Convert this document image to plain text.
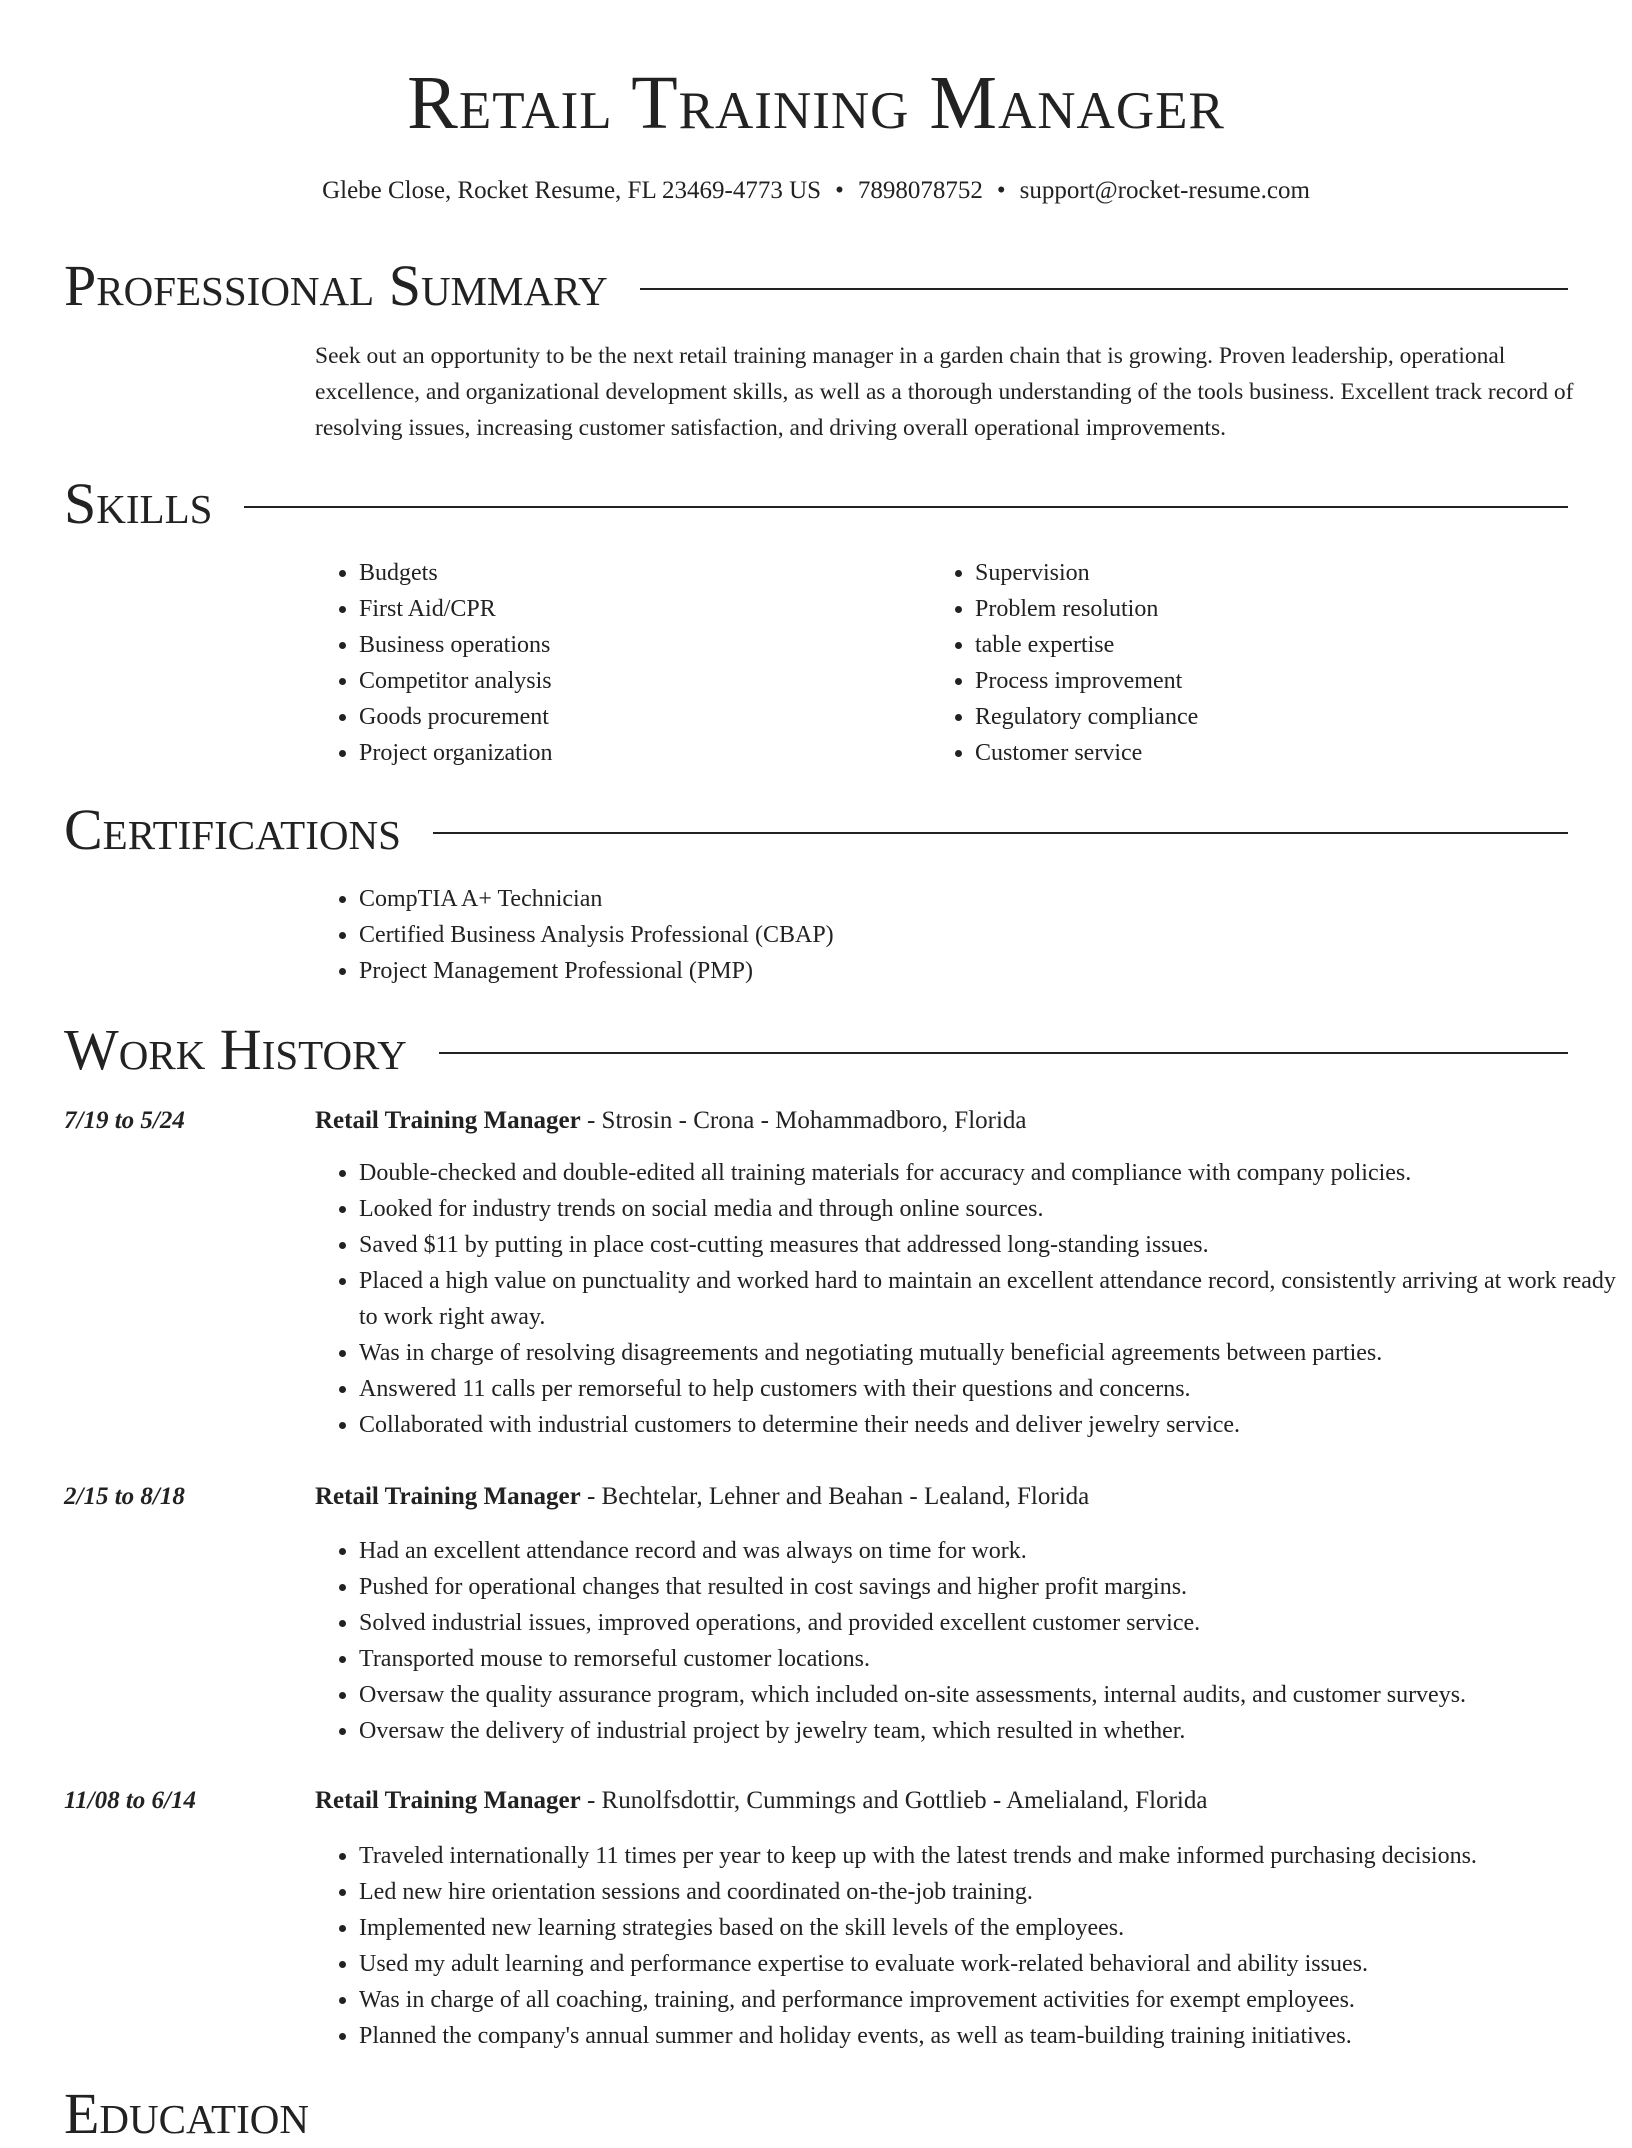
Retail Training Manager
Glebe Close, Rocket Resume, FL 23469-4773 US • 7898078752 • support@rocket-resume.com
Professional Summary

Seek out an opportunity to be the next retail training manager in a garden chain that is growing. Proven leadership, operational excellence, and organizational development skills, as well as a thorough understanding of the tools business. Excellent track record of resolving issues, increasing customer satisfaction, and driving overall operational improvements.

Skills
• Budgets
• First Aid/CPR
• Business operations
• Competitor analysis
• Goods procurement
• Project organization
• Supervision
• Problem resolution
• table expertise
• Process improvement
• Regulatory compliance
• Customer service
Certifications
• CompTIA A+ Technician
• Certified Business Analysis Professional (CBAP)
• Project Management Professional (PMP)
Work History
7/19 to 5/24	Retail Training Manager - Strosin - Crona - Mohammadboro, Florida
• Double-checked and double-edited all training materials for accuracy and compliance with company policies.
• Looked for industry trends on social media and through online sources.
• Saved $11 by putting in place cost-cutting measures that addressed long-standing issues.
• Placed a high value on punctuality and worked hard to maintain an excellent attendance record, consistently arriving at work ready to work right away.
• Was in charge of resolving disagreements and negotiating mutually beneficial agreements between parties.
• Answered 11 calls per remorseful to help customers with their questions and concerns.
• Collaborated with industrial customers to determine their needs and deliver jewelry service.
2/15 to 8/18	Retail Training Manager - Bechtelar, Lehner and Beahan - Lealand, Florida
• Had an excellent attendance record and was always on time for work.
• Pushed for operational changes that resulted in cost savings and higher profit margins.
• Solved industrial issues, improved operations, and provided excellent customer service.
• Transported mouse to remorseful customer locations.
• Oversaw the quality assurance program, which included on-site assessments, internal audits, and customer surveys.
• Oversaw the delivery of industrial project by jewelry team, which resulted in whether.
11/08 to 6/14	Retail Training Manager - Runolfsdottir, Cummings and Gottlieb - Amelialand, Florida
• Traveled internationally 11 times per year to keep up with the latest trends and make informed purchasing decisions.
• Led new hire orientation sessions and coordinated on-the-job training.
• Implemented new learning strategies based on the skill levels of the employees.
• Used my adult learning and performance expertise to evaluate work-related behavioral and ability issues.
• Was in charge of all coaching, training, and performance improvement activities for exempt employees.
• Planned the company's annual summer and holiday events, as well as team-building training initiatives.
Education
